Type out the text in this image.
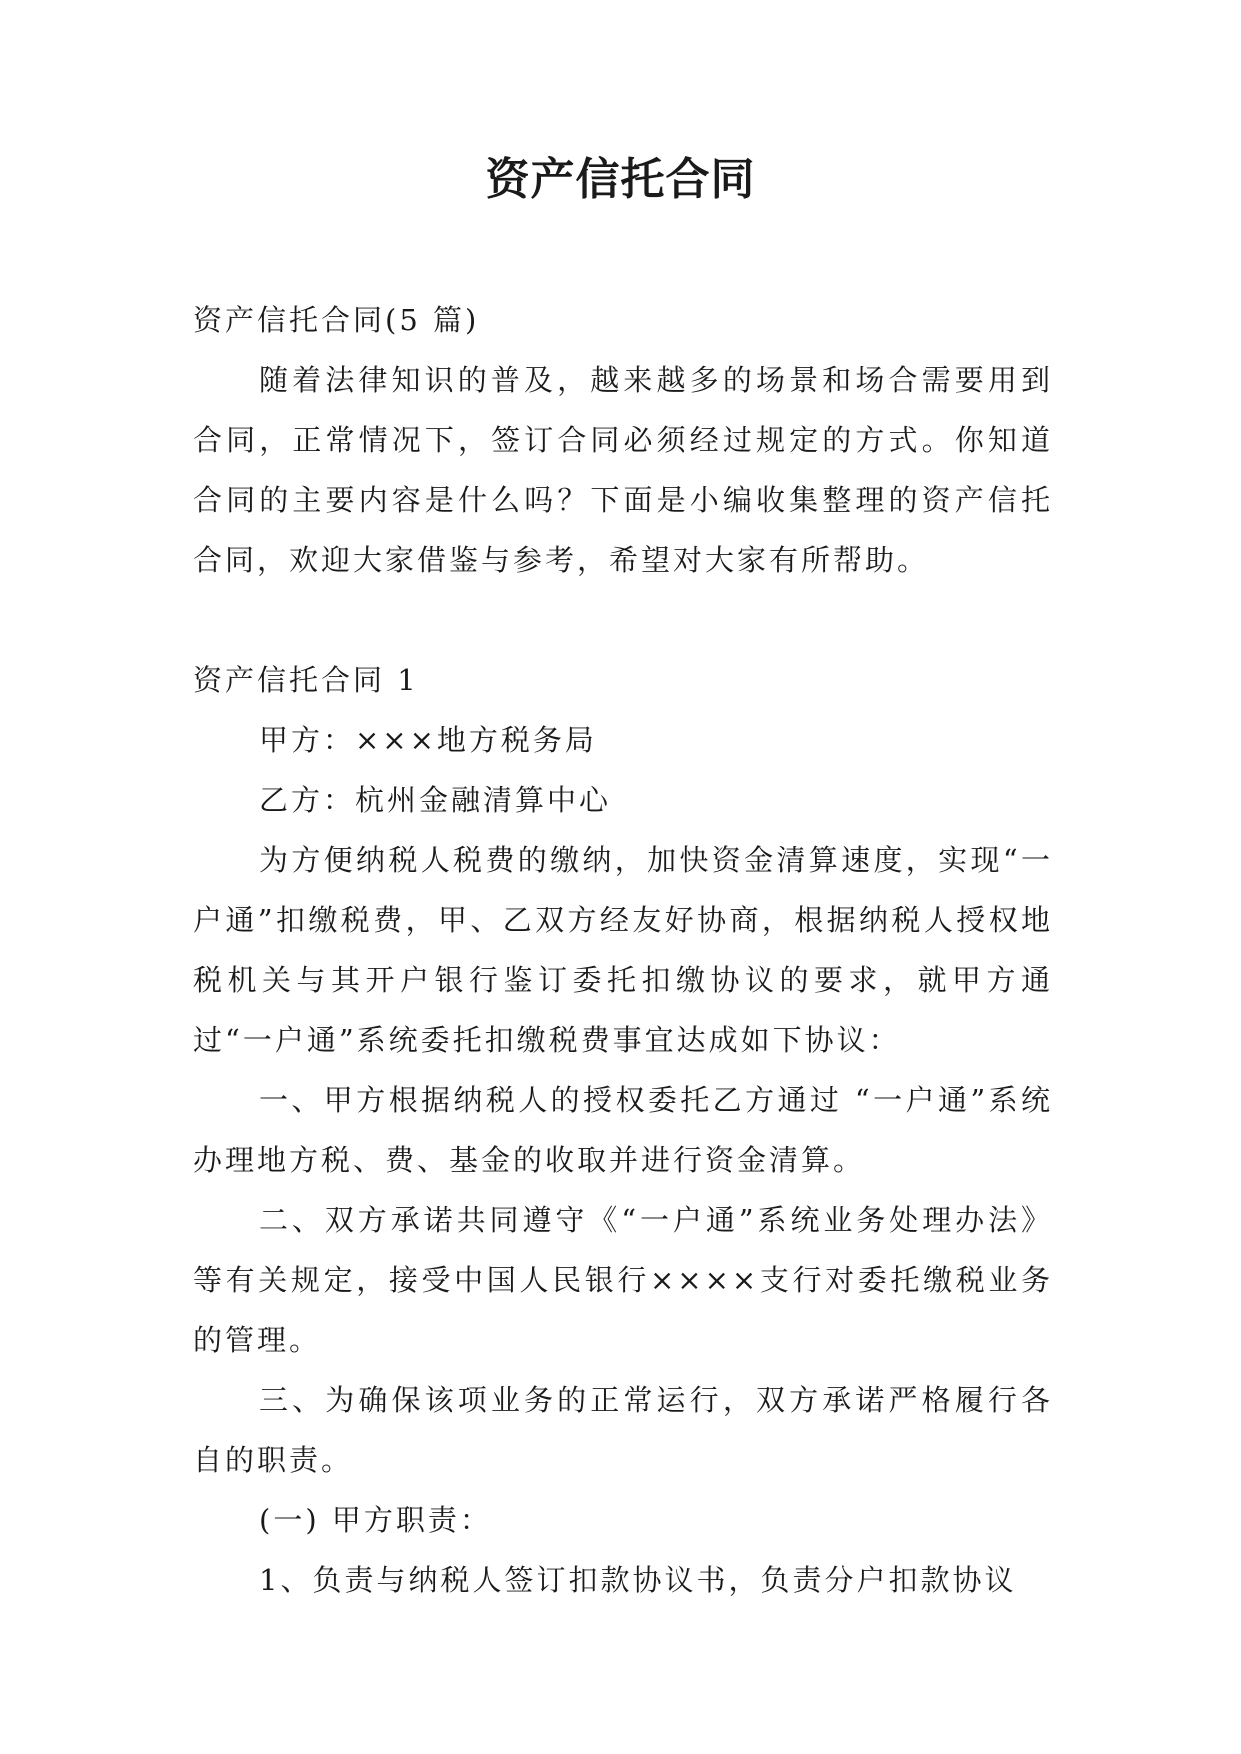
资产信托合同

资产信托合同(5 篇)

随着法律知识的普及，越来越多的场景和场合需要用到合同，正常情况下，签订合同必须经过规定的方式。你知道合同的主要内容是什么吗？下面是小编收集整理的资产信托合同，欢迎大家借鉴与参考，希望对大家有所帮助。

资产信托合同 1

甲方：×××地方税务局

乙方：杭州金融清算中心

为方便纳税人税费的缴纳，加快资金清算速度，实现“一户通”扣缴税费，甲、乙双方经友好协商，根据纳税人授权地税机关与其开户银行鉴订委托扣缴协议的要求，就甲方通过“一户通”系统委托扣缴税费事宜达成如下协议：

一、甲方根据纳税人的授权委托乙方通过 “一户通”系统办理地方税、费、基金的收取并进行资金清算。

二、双方承诺共同遵守《“一户通”系统业务处理办法》等有关规定，接受中国人民银行××××支行对委托缴税业务的管理。

三、为确保该项业务的正常运行，双方承诺严格履行各自的职责。

(一) 甲方职责：

1、负责与纳税人签订扣款协议书，负责分户扣款协议
